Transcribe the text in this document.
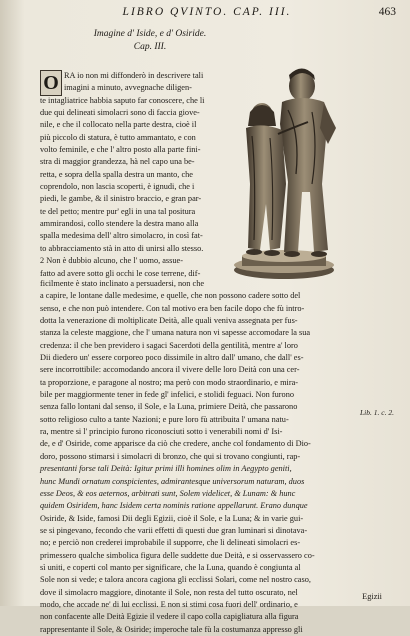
LIBRO QVINTO. CAP. III.	463
Imagine d' Iside, e d' Osiride.
Cap. III.
O RA io non mi diffonderò in descrivere tali
imagini a minuto, avvegnache diligen-
te intagliatrice habbia saputo far conoscere, che li
due qui delineati simolacri sono di faccia giove-
nile, e che il collocato nella parte destra, cioè il
più piccolo di statura, è tutto ammantato, e con
volto feminile, e che l' altro posto alla parte fini-
stra di maggior grandezza, hà nel capo una be-
retta, e sopra della spalla destra un manto, che
coprendolo, non lascia scoperti, è ignudi, che i
piedi, le gambe, & il sinistro braccio, e gran par-
te del petto; mentre pur' egli in una tal positura
ammirandosi, collo stendere la destra mano alla
spalla medesima dell' altro simolacro, in così fat-
to abbracciamento stà in atto di unirsi allo stesso.
2 Non è dubbio alcuno, che l' uomo, assue-
fatto ad avere sotto gli occhi le cose terrene, dif-
ficilmente è stato inclinato a persuadersi, non che
a capire, le lontane dalle medesime, e quelle, che non possono cadere sotto del
senso, e che non può intendere. Con tal motivo era ben facile dopo che fù intro-
dotta la venerazione di moltiplicate Deità, alle quali veniva assegnata per fus-
stanza la celeste maggione, che l' umana natura non vi sapesse accomodare la sua
credenza: il che ben previdero i sagaci Sacerdoti della gentilità, mentre a' loro
Dii diedero un' essere corporeo poco dissimile in altro dall' umano, che dall' es-
sere incorrottibile: accomodando ancora il vivere delle loro Deità con una cer-
ta proporzione, e paragone al nostro; ma però con modo straordinario, e mira-
bile per maggiormente tener in fede gl' infelici, e stolidi feguaci. Non furono
senza fallo lontani dal senso, il Sole, e la Luna, primiere Deità, che passarono
sotto religioso culto a tante Nazioni; e pure loro fù attribuita l' umana natu-
ra, mentre si l' principio furono riconosciuti sotto i venerabili nomi d' Isi-
de, e d' Osiride, come apparisce da ciò che credere, anche col fondamento di Dio-
doro, possono stimarsi i simolacri di bronzo, che qui si trovano congiunti, rap-
presentanti forse tali Deità: Igitur primi illi homines olim in Aegypto geniti,
hunc Mundi ornatum conspicientes, admirantesque universorum naturam, duos
esse Deos, & eos aeternos, arbitrati sunt, Solem videlicet, & Lunam: & hunc
quidem Osiridem, hanc Isidem certa nominis ratione appellarunt. Erano dunque
Osiride, & Iside, famosi Dii degli Egizii, cioè il Sole, e la Luna; & in varie gui-
se si pingevano, fecondo che varii effetti di questi due gran luminari si dinotava-
no; e perciò non crederei improbabile il supporre, che li delineati simolacri es-
primessero qualche simbolica figura delle suddette due Deità, e si osservassero co-
sì uniti, e coperti col manto per significare, che la Luna, quando è congiunta al
Sole non si vede; e talora ancora cagiona gli ecclissi Solari, come nel nostro caso,
dove il simolacro maggiore, dinotante il Sole, non resta del tutto oscurato, nel
modo, che accade ne' di lui ecclissi. E non si stimi cosa fuori dell' ordinario, e
non confacente alle Deità Egizie il vedere il capo colla capigliatura alla figura
rappresentante il Sole, & Osiride; imperoche tale fù la costumanza appresso gli
Lib. 1. c. 2.
Egizii
